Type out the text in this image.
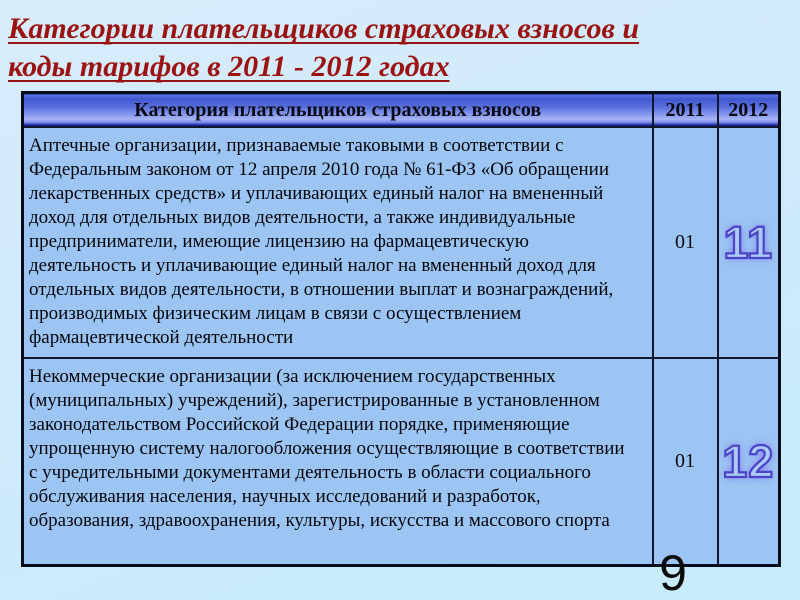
Категории плательщиков страховых взносов и
коды тарифов в 2011 - 2012 годах
Категория плательщиков страховых взносов	2011	2012
Аптечные организации, признаваемые таковыми в соответствии с Федеральным законом от 12 апреля 2010 года № 61-ФЗ «Об обращении лекарственных средств» и уплачивающих единый налог на вмененный доход для отдельных видов деятельности, а также индивидуальные предприниматели, имеющие лицензию на фармацевтическую деятельность и уплачивающие единый налог на вмененный доход для отдельных видов деятельности, в отношении выплат и вознаграждений, производимых физическим лицам в связи с осуществлением фармацевтической деятельности	01	11
Некоммерческие организации (за исключением государственных (муниципальных) учреждений), зарегистрированные в установленном законодательством Российской Федерации порядке, применяющие упрощенную систему налогообложения осуществляющие в соответствии с учредительными документами деятельность в области социального обслуживания населения, научных исследований и разработок, образования, здравоохранения, культуры, искусства и массового спорта	01	12
9
